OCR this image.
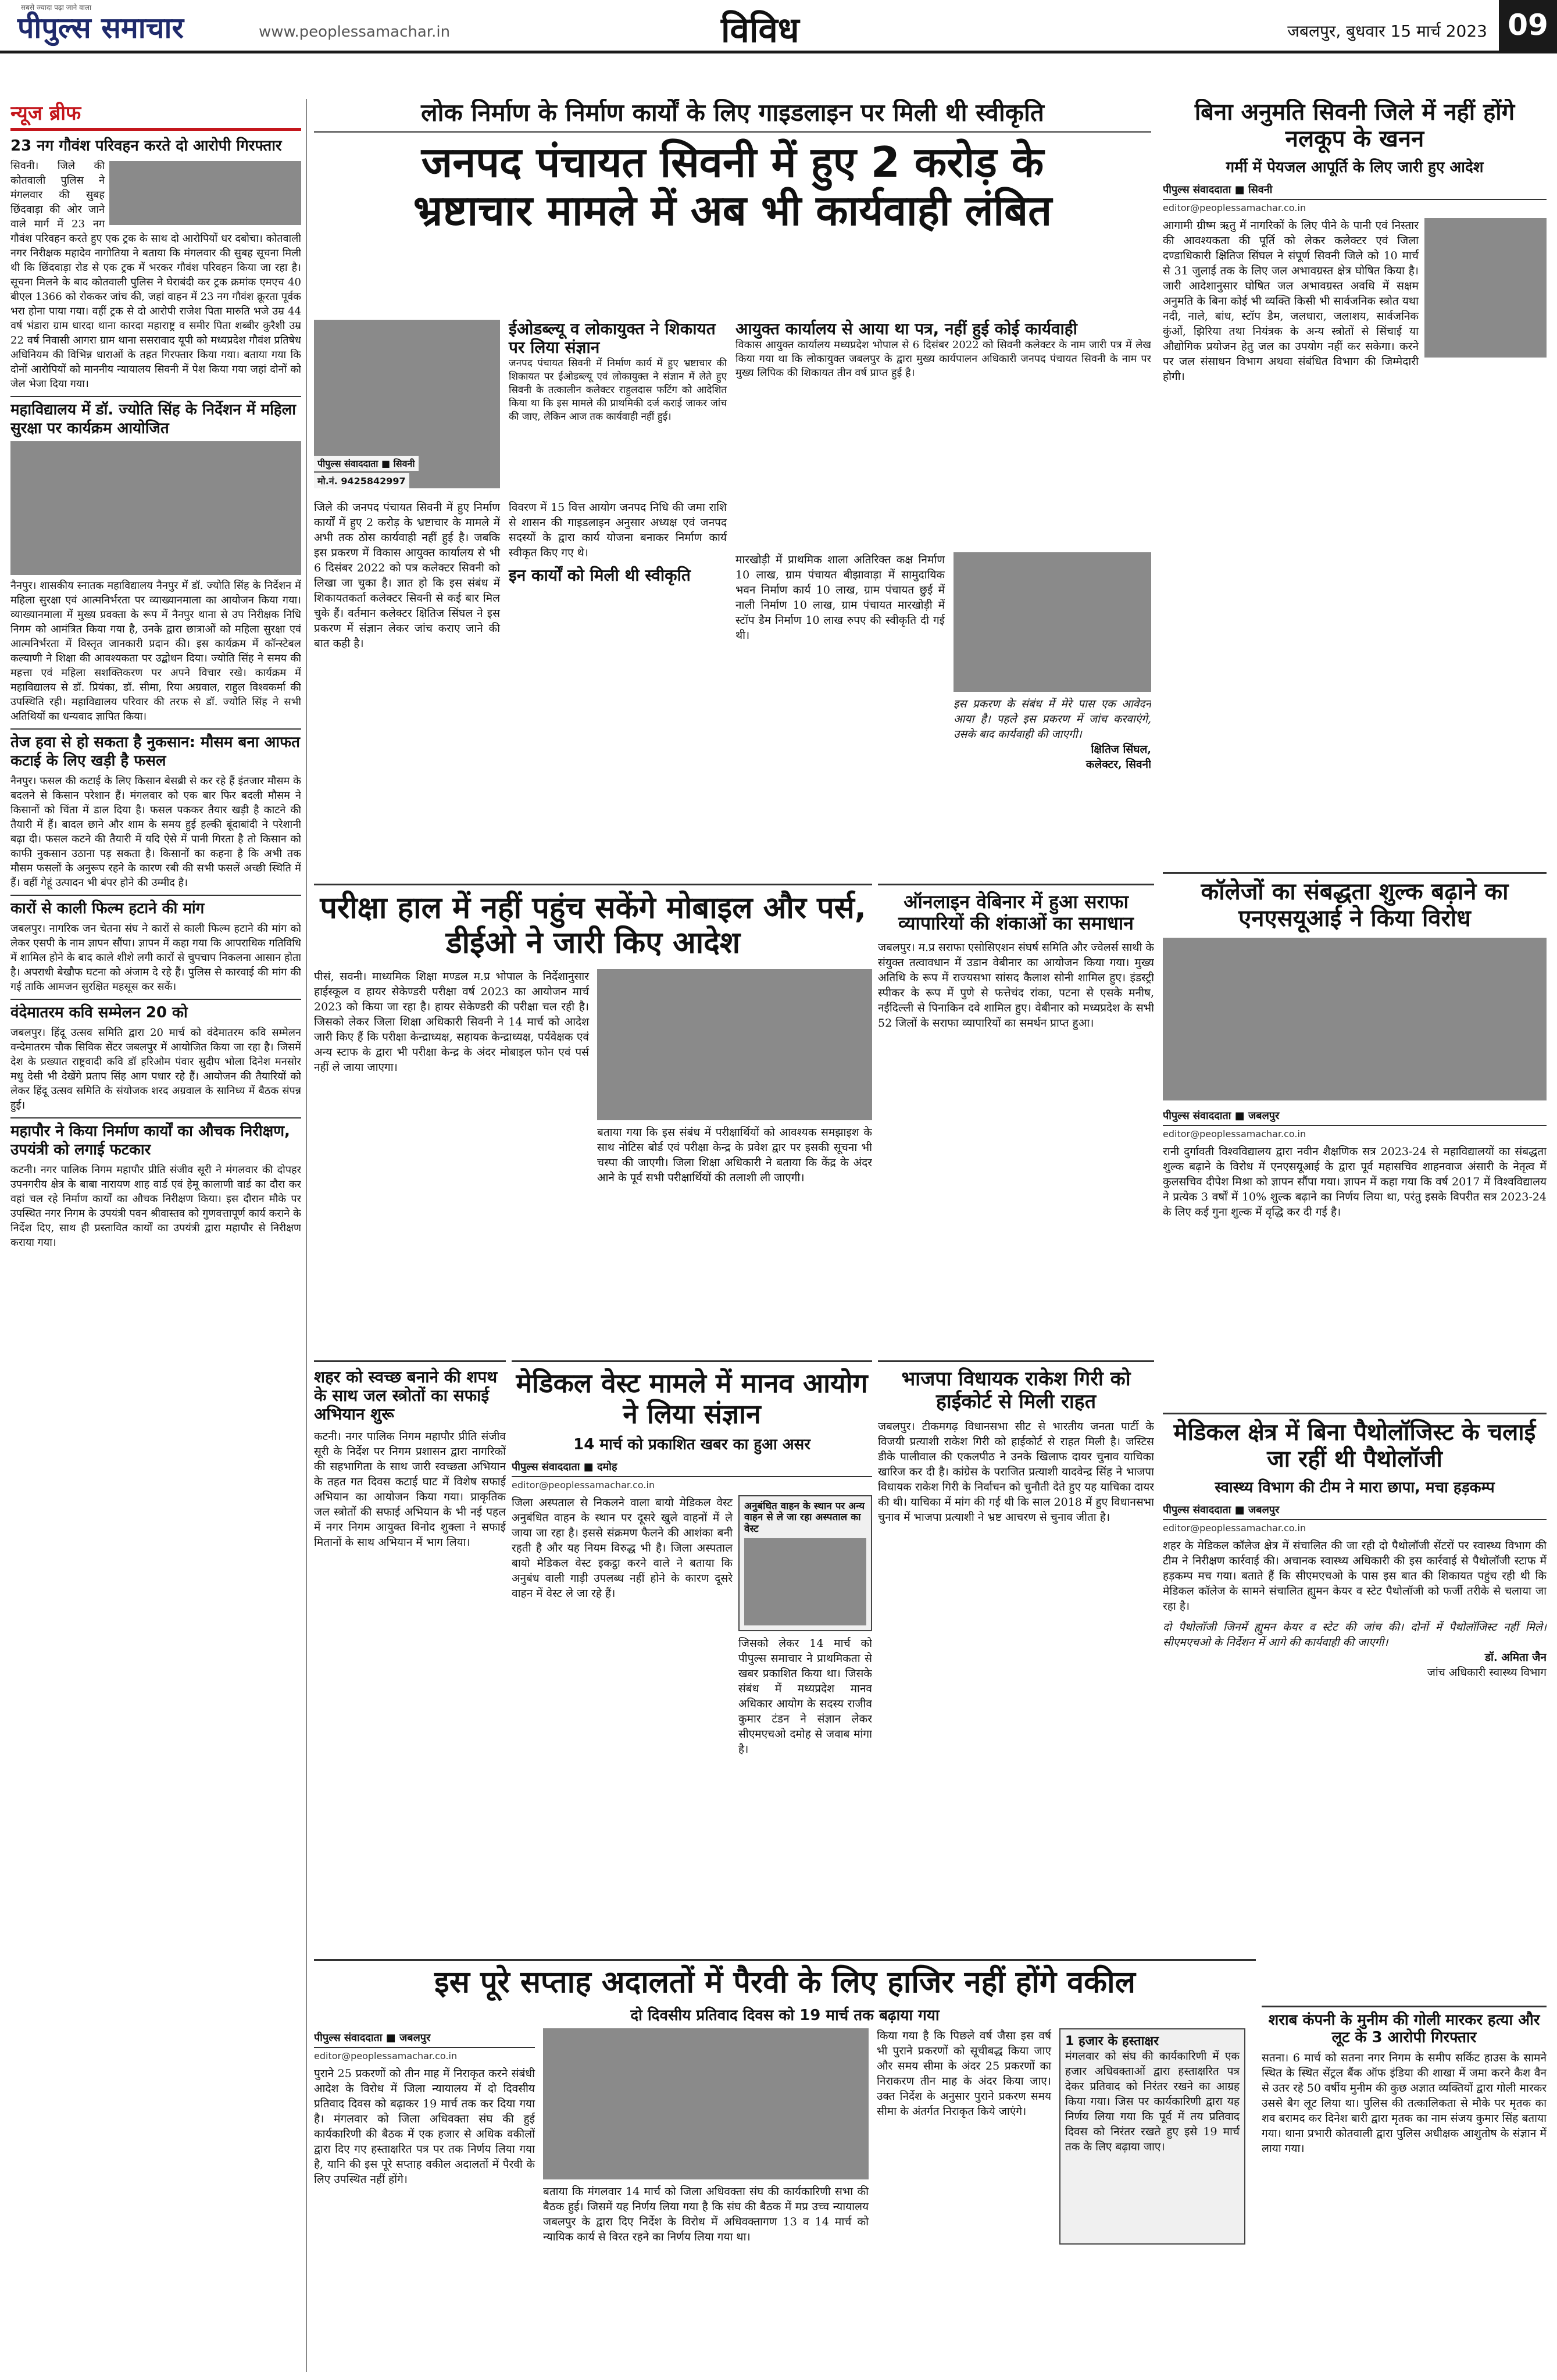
सबसे ज्यादा पढ़ा जाने वाला
पीपुल्स समाचार	www.peoplessamachar.in	विविध	जबलपुर, बुधवार 15 मार्च 2023 09
न्यूज ब्रीफ
23 नग गौवंश परिवहन करते दो आरोपी गिरफ्तार
सिवनी। जिले की कोतवाली पुलिस ने मंगलवार की सुबह छिंदवाड़ा की ओर जाने वाले मार्ग में 23 नग गौवंश परिवहन करते हुए एक ट्रक के साथ दो आरोपियों धर दबोचा। कोतवाली नगर निरीक्षक महादेव नागोतिया ने बताया कि मंगलवार की सुबह सूचना मिली थी कि छिंदवाड़ा रोड से एक ट्रक में भरकर गौवंश परिवहन किया जा रहा है। सूचना मिलने के बाद कोतवाली पुलिस ने घेराबंदी कर ट्रक क्रमांक एमएच 40 बीएल 1366 को रोककर जांच की, जहां वाहन में 23 नग गौवंश क्रूरता पूर्वक भरा होना पाया गया। वहीं ट्रक से दो आरोपी राजेश पिता मारुति भजे उम्र 44 वर्ष भंडारा ग्राम धारदा थाना कारदा महाराष्ट्र व समीर पिता शब्बीर कुरैशी उम्र 22 वर्ष निवासी आगरा ग्राम थाना ससरावाद यूपी को मध्यप्रदेश गौवंश प्रतिषेध अधिनियम की विभिन्न धाराओं के तहत गिरफ्तार किया गया। बताया गया कि दोनों आरोपियों को माननीय न्यायालय सिवनी में पेश किया गया जहां दोनों को जेल भेजा दिया गया।
महाविद्यालय में डॉ. ज्योति सिंह के निर्देशन में महिला सुरक्षा पर कार्यक्रम आयोजित
नैनपुर। शासकीय स्नातक महाविद्यालय नैनपुर में डॉ. ज्योति सिंह के निर्देशन में महिला सुरक्षा एवं आत्मनिर्भरता पर व्याख्यानमाला का आयोजन किया गया। व्याख्यानमाला में मुख्य प्रवक्ता के रूप में नैनपुर थाना से उप निरीक्षक निधि निगम को आमंत्रित किया गया है, उनके द्वारा छात्राओं को महिला सुरक्षा एवं आत्मनिर्भरता में विस्तृत जानकारी प्रदान की। इस कार्यक्रम में कॉन्स्टेबल कल्याणी ने शिक्षा की आवश्यकता पर उद्बोधन दिया। ज्योति सिंह ने समय की महत्ता एवं महिला सशक्तिकरण पर अपने विचार रखे। कार्यक्रम में महाविद्यालय से डॉ. प्रियंका, डॉ. सीमा, रिया अग्रवाल, राहुल विश्वकर्मा की उपस्थिति रही। महाविद्यालय परिवार की तरफ से डॉ. ज्योति सिंह ने सभी अतिथियों का धन्यवाद ज्ञापित किया।
तेज हवा से हो सकता है नुकसान: मौसम बना आफत कटाई के लिए खड़ी है फसल
नैनपुर। फसल की कटाई के लिए किसान बेसब्री से कर रहे हैं इंतजार मौसम के बदलने से किसान परेशान हैं। मंगलवार को एक बार फिर बदली मौसम ने किसानों को चिंता में डाल दिया है। फसल पककर तैयार खड़ी है काटने की तैयारी में हैं। बादल छाने और शाम के समय हुई हल्की बूंदाबांदी ने परेशानी बढ़ा दी। फसल कटने की तैयारी में यदि ऐसे में पानी गिरता है तो किसान को काफी नुकसान उठाना पड़ सकता है। किसानों का कहना है कि अभी तक मौसम फसलों के अनुरूप रहने के कारण रबी की सभी फसलें अच्छी स्थिति में हैं। वहीं गेहूं उत्पादन भी बंपर होने की उम्मीद है।
कारों से काली फिल्म हटाने की मांग
जबलपुर। नागरिक जन चेतना संघ ने कारों से काली फिल्म हटाने की मांग को लेकर एसपी के नाम ज्ञापन सौंपा। ज्ञापन में कहा गया कि आपराधिक गतिविधि में शामिल होने के बाद काले शीशे लगी कारों से चुपचाप निकलना आसान होता है। अपराधी बेखौफ घटना को अंजाम दे रहे हैं। पुलिस से कारवाई की मांग की गई ताकि आमजन सुरक्षित महसूस कर सकें।
वंदेमातरम कवि सम्मेलन 20 को
जबलपुर। हिंदू उत्सव समिति द्वारा 20 मार्च को वंदेमातरम कवि सम्मेलन वन्देमातरम चौक सिविक सेंटर जबलपुर में आयोजित किया जा रहा है। जिसमें देश के प्रख्यात राष्ट्रवादी कवि डॉ हरिओम पंवार सुदीप भोला दिनेश मनसोर मधु देसी भी देखेंगे प्रताप सिंह आग पधार रहे हैं। आयोजन की तैयारियों को लेकर हिंदू उत्सव समिति के संयोजक शरद अग्रवाल के सानिध्य में बैठक संपन्न हुई।
महापौर ने किया निर्माण कार्यों का औचक निरीक्षण, उपयंत्री को लगाई फटकार
कटनी। नगर पालिक निगम महापौर प्रीति संजीव सूरी ने मंगलवार की दोपहर उपनगरीय क्षेत्र के बाबा नारायण शाह वार्ड एवं हेमू कालाणी वार्ड का दौरा कर वहां चल रहे निर्माण कार्यों का औचक निरीक्षण किया। इस दौरान मौके पर उपस्थित नगर निगम के उपयंत्री पवन श्रीवास्तव को गुणवत्तापूर्ण कार्य कराने के निर्देश दिए, साथ ही प्रस्तावित कार्यों का उपयंत्री द्वारा महापौर से निरीक्षण कराया गया।
लोक निर्माण के निर्माण कार्यों के लिए गाइडलाइन पर मिली थी स्वीकृति
जनपद पंचायत सिवनी में हुए 2 करोड़ के
भ्रष्टाचार मामले में अब भी कार्यवाही लंबित
पीपुल्स संवाददाता ■ सिवनी
मो.नं. 9425842997
ईओडब्ल्यू व लोकायुक्त ने शिकायत पर लिया संज्ञान
जनपद पंचायत सिवनी में निर्माण कार्य में हुए भ्रष्टाचार की शिकायत पर ईओडब्ल्यू एवं लोकायुक्त ने संज्ञान में लेते हुए सिवनी के तत्कालीन कलेक्टर राहुलदास फटिंग को आदेशित किया था कि इस मामले की प्राथमिकी दर्ज कराई जाकर जांच की जाए, लेकिन आज तक कार्यवाही नहीं हुई।
आयुक्त कार्यालय से आया था पत्र, नहीं हुई कोई कार्यवाही
विकास आयुक्त कार्यालय मध्यप्रदेश भोपाल से 6 दिसंबर 2022 को सिवनी कलेक्टर के नाम जारी पत्र में लेख किया गया था कि लोकायुक्त जबलपुर के द्वारा मुख्य कार्यपालन अधिकारी जनपद पंचायत सिवनी के नाम पर मुख्य लिपिक की शिकायत तीन वर्ष प्राप्त हुई है।
जिले की जनपद पंचायत सिवनी में हुए निर्माण कार्यों में हुए 2 करोड़ के भ्रष्टाचार के मामले में अभी तक ठोस कार्यवाही नहीं हुई है। जबकि इस प्रकरण में विकास आयुक्त कार्यालय से भी 6 दिसंबर 2022 को पत्र कलेक्टर सिवनी को लिखा जा चुका है। ज्ञात हो कि इस संबंध में शिकायतकर्ता कलेक्टर सिवनी से कई बार मिल चुके हैं। वर्तमान कलेक्टर क्षितिज सिंघल ने इस प्रकरण में संज्ञान लेकर जांच कराए जाने की बात कही है।
विवरण में 15 वित्त आयोग जनपद निधि की जमा राशि से शासन की गाइडलाइन अनुसार अध्यक्ष एवं जनपद सदस्यों के द्वारा कार्य योजना बनाकर निर्माण कार्य स्वीकृत किए गए थे।
इन कार्यों को मिली थी स्वीकृति
मारखोड़ी में प्राथमिक शाला अतिरिक्त कक्ष निर्माण 10 लाख, ग्राम पंचायत बीझावाड़ा में सामुदायिक भवन निर्माण कार्य 10 लाख, ग्राम पंचायत छुई में नाली निर्माण 10 लाख, ग्राम पंचायत मारखोड़ी में स्टॉप डैम निर्माण 10 लाख रुपए की स्वीकृति दी गई थी।
इस प्रकरण के संबंध में मेरे पास एक आवेदन आया है। पहले इस प्रकरण में जांच करवाएंगे, उसके बाद कार्यवाही की जाएगी।
क्षितिज सिंघल,
कलेक्टर, सिवनी
बिना अनुमति सिवनी जिले में नहीं होंगे नलकूप के खनन
गर्मी में पेयजल आपूर्ति के लिए जारी हुए आदेश
पीपुल्स संवाददाता ■ सिवनी
editor@peoplessamachar.co.in
आगामी ग्रीष्म ऋतु में नागरिकों के लिए पीने के पानी एवं निस्तार की आवश्यकता की पूर्ति को लेकर कलेक्टर एवं जिला दण्डाधिकारी क्षितिज सिंघल ने संपूर्ण सिवनी जिले को 10 मार्च से 31 जुलाई तक के लिए जल अभावग्रस्त क्षेत्र घोषित किया है। जारी आदेशानुसार घोषित जल अभावग्रस्त अवधि में सक्षम अनुमति के बिना कोई भी व्यक्ति किसी भी सार्वजनिक स्त्रोत यथा नदी, नाले, बांध, स्टॉप डैम, जलधारा, जलाशय, सार्वजनिक कुंओं, झिरिया तथा नियंत्रक के अन्य स्त्रोतों से सिंचाई या औद्योगिक प्रयोजन हेतु जल का उपयोग नहीं कर सकेगा। करने पर जल संसाधन विभाग अथवा संबंधित विभाग की जिम्मेदारी होगी।
कॉलेजों का संबद्धता शुल्क बढ़ाने का एनएसयूआई ने किया विरोध
पीपुल्स संवाददाता ■ जबलपुर
editor@peoplessamachar.co.in
रानी दुर्गावती विश्वविद्यालय द्वारा नवीन शैक्षणिक सत्र 2023-24 से महाविद्यालयों का संबद्धता शुल्क बढ़ाने के विरोध में एनएसयूआई के द्वारा पूर्व महासचिव शाहनवाज अंसारी के नेतृत्व में कुलसचिव दीपेश मिश्रा को ज्ञापन सौंपा गया। ज्ञापन में कहा गया कि वर्ष 2017 में विश्वविद्यालय ने प्रत्येक 3 वर्षों में 10% शुल्क बढ़ाने का निर्णय लिया था, परंतु इसके विपरीत सत्र 2023-24 के लिए कई गुना शुल्क में वृद्धि कर दी गई है।
मेडिकल क्षेत्र में बिना पैथोलॉजिस्ट के चलाई जा रहीं थी पैथोलॉजी
स्वास्थ्य विभाग की टीम ने मारा छापा, मचा हड़कम्प
पीपुल्स संवाददाता ■ जबलपुर
editor@peoplessamachar.co.in
शहर के मेडिकल कॉलेज क्षेत्र में संचालित की जा रही दो पैथोलॉजी सेंटरों पर स्वास्थ्य विभाग की टीम ने निरीक्षण कार्रवाई की। अचानक स्वास्थ्य अधिकारी की इस कार्रवाई से पैथोलॉजी स्टाफ में हड़कम्प मच गया। बताते हैं कि सीएमएचओ के पास इस बात की शिकायत पहुंच रही थी कि मेडिकल कॉलेज के सामने संचालित ह्युमन केयर व स्टेट पैथोलॉजी को फर्जी तरीके से चलाया जा रहा है।
दो पैथोलॉजी जिनमें ह्युमन केयर व स्टेट की जांच की। दोनों में पैथोलॉजिस्ट नहीं मिले। सीएमएचओ के निर्देशन में आगे की कार्यवाही की जाएगी।
डॉ. अमिता जैन
जांच अधिकारी स्वास्थ्य विभाग
शराब कंपनी के मुनीम की गोली मारकर हत्या और लूट के 3 आरोपी गिरफ्तार
सतना। 6 मार्च को सतना नगर निगम के समीप सर्किट हाउस के सामने स्थित के स्थित सेंट्रल बैंक ऑफ इंडिया की शाखा में जमा करने कैश वैन से उतर रहे 50 वर्षीय मुनीम की कुछ अज्ञात व्यक्तियों द्वारा गोली मारकर उससे बैग लूट लिया था। पुलिस की तत्कालिकता से मौके पर मृतक का शव बरामद कर दिनेश बारी द्वारा मृतक का नाम संजय कुमार सिंह बताया गया। थाना प्रभारी कोतवाली द्वारा पुलिस अधीक्षक आशुतोष के संज्ञान में लाया गया।
परीक्षा हाल में नहीं पहुंच सकेंगे मोबाइल और पर्स, डीईओ ने जारी किए आदेश
पीसं, सवनी। माध्यमिक शिक्षा मण्डल म.प्र भोपाल के निर्देशानुसार हाईस्कूल व हायर सेकेण्डरी परीक्षा वर्ष 2023 का आयोजन मार्च 2023 को किया जा रहा है। हायर सेकेण्डरी की परीक्षा चल रही है। जिसको लेकर जिला शिक्षा अधिकारी सिवनी ने 14 मार्च को आदेश जारी किए हैं कि परीक्षा केन्द्राध्यक्ष, सहायक केन्द्राध्यक्ष, पर्यवेक्षक एवं अन्य स्टाफ के द्वारा भी परीक्षा केन्द्र के अंदर मोबाइल फोन एवं पर्स नहीं ले जाया जाएगा।
बताया गया कि इस संबंध में परीक्षार्थियों को आवश्यक समझाइश के साथ नोटिस बोर्ड एवं परीक्षा केन्द्र के प्रवेश द्वार पर इसकी सूचना भी चस्पा की जाएगी। जिला शिक्षा अधिकारी ने बताया कि केंद्र के अंदर आने के पूर्व सभी परीक्षार्थियों की तलाशी ली जाएगी।
ऑनलाइन वेबिनार में हुआ सराफा व्यापारियों की शंकाओं का समाधान
जबलपुर। म.प्र सराफा एसोसिएशन संघर्ष समिति और ज्वेलर्स साथी के संयुक्त तत्वावधान में उडान वेबीनार का आयोजन किया गया। मुख्य अतिथि के रूप में राज्यसभा सांसद कैलाश सोनी शामिल हुए। इंडस्ट्री स्पीकर के रूप में पुणे से फत्तेचंद रांका, पटना से एसके मनीष, नईदिल्ली से पिनाकिन दवे शामिल हुए। वेबीनार को मध्यप्रदेश के सभी 52 जिलों के सराफा व्यापारियों का समर्थन प्राप्त हुआ।
शहर को स्वच्छ बनाने की शपथ के साथ जल स्त्रोतों का सफाई अभियान शुरू
कटनी। नगर पालिक निगम महापौर प्रीति संजीव सूरी के निर्देश पर निगम प्रशासन द्वारा नागरिकों की सहभागिता के साथ जारी स्वच्छता अभियान के तहत गत दिवस कटाई घाट में विशेष सफाई अभियान का आयोजन किया गया। प्राकृतिक जल स्त्रोतों की सफाई अभियान के भी नई पहल में नगर निगम आयुक्त विनोद शुक्ला ने सफाई मितानों के साथ अभियान में भाग लिया।
मेडिकल वेस्ट मामले में मानव आयोग ने लिया संज्ञान
14 मार्च को प्रकाशित खबर का हुआ असर
पीपुल्स संवाददाता ■ दमोह
editor@peoplessamachar.co.in
जिला अस्पताल से निकलने वाला बायो मेडिकल वेस्ट अनुबंधित वाहन के स्थान पर दूसरे खुले वाहनों में ले जाया जा रहा है। इससे संक्रमण फैलने की आशंका बनी रहती है और यह नियम विरुद्ध भी है। जिला अस्पताल बायो मेडिकल वेस्ट इकट्ठा करने वाले ने बताया कि अनुबंध वाली गाड़ी उपलब्ध नहीं होने के कारण दूसरे वाहन में वेस्ट ले जा रहे हैं।
अनुबंधित वाहन के स्थान पर अन्य वाहन से ले जा रहा अस्पताल का वेस्ट
जिसको लेकर 14 मार्च को पीपुल्स समाचार ने प्राथमिकता से खबर प्रकाशित किया था। जिसके संबंध में मध्यप्रदेश मानव अधिकार आयोग के सदस्य राजीव कुमार टंडन ने संज्ञान लेकर सीएमएचओ दमोह से जवाब मांगा है।
भाजपा विधायक राकेश गिरी को हाईकोर्ट से मिली राहत
जबलपुर। टीकमगढ़ विधानसभा सीट से भारतीय जनता पार्टी के विजयी प्रत्याशी राकेश गिरी को हाईकोर्ट से राहत मिली है। जस्टिस डीके पालीवाल की एकलपीठ ने उनके खिलाफ दायर चुनाव याचिका खारिज कर दी है। कांग्रेस के पराजित प्रत्याशी यादवेन्द्र सिंह ने भाजपा विधायक राकेश गिरी के निर्वाचन को चुनौती देते हुए यह याचिका दायर की थी। याचिका में मांग की गई थी कि साल 2018 में हुए विधानसभा चुनाव में भाजपा प्रत्याशी ने भ्रष्ट आचरण से चुनाव जीता है।
इस पूरे सप्ताह अदालतों में पैरवी के लिए हाजिर नहीं होंगे वकील
दो दिवसीय प्रतिवाद दिवस को 19 मार्च तक बढ़ाया गया
पीपुल्स संवाददाता ■ जबलपुर
editor@peoplessamachar.co.in
पुराने 25 प्रकरणों को तीन माह में निराकृत करने संबंधी आदेश के विरोध में जिला न्यायालय में दो दिवसीय प्रतिवाद दिवस को बढ़ाकर 19 मार्च तक कर दिया गया है। मंगलवार को जिला अधिवक्ता संघ की हुई कार्यकारिणी की बैठक में एक हजार से अधिक वकीलों द्वारा दिए गए हस्ताक्षरित पत्र पर तक निर्णय लिया गया है, यानि की इस पूरे सप्ताह वकील अदालतों में पैरवी के लिए उपस्थित नहीं होंगे।
बताया कि मंगलवार 14 मार्च को जिला अधिवक्ता संघ की कार्यकारिणी सभा की बैठक हुई। जिसमें यह निर्णय लिया गया है कि संघ की बैठक में मप्र उच्च न्यायालय जबलपुर के द्वारा दिए निर्देश के विरोध में अधिवक्तागण 13 व 14 मार्च को न्यायिक कार्य से विरत रहने का निर्णय लिया गया था।
किया गया है कि पिछले वर्ष जैसा इस वर्ष भी पुराने प्रकरणों को सूचीबद्ध किया जाए और समय सीमा के अंदर 25 प्रकरणों का निराकरण तीन माह के अंदर किया जाए। उक्त निर्देश के अनुसार पुराने प्रकरण समय सीमा के अंतर्गत निराकृत किये जाएंगे।
1 हजार के हस्ताक्षर
मंगलवार को संघ की कार्यकारिणी में एक हजार अधिवक्ताओं द्वारा हस्ताक्षरित पत्र देकर प्रतिवाद को निरंतर रखने का आग्रह किया गया। जिस पर कार्यकारिणी द्वारा यह निर्णय लिया गया कि पूर्व में तय प्रतिवाद दिवस को निरंतर रखते हुए इसे 19 मार्च तक के लिए बढ़ाया जाए।
